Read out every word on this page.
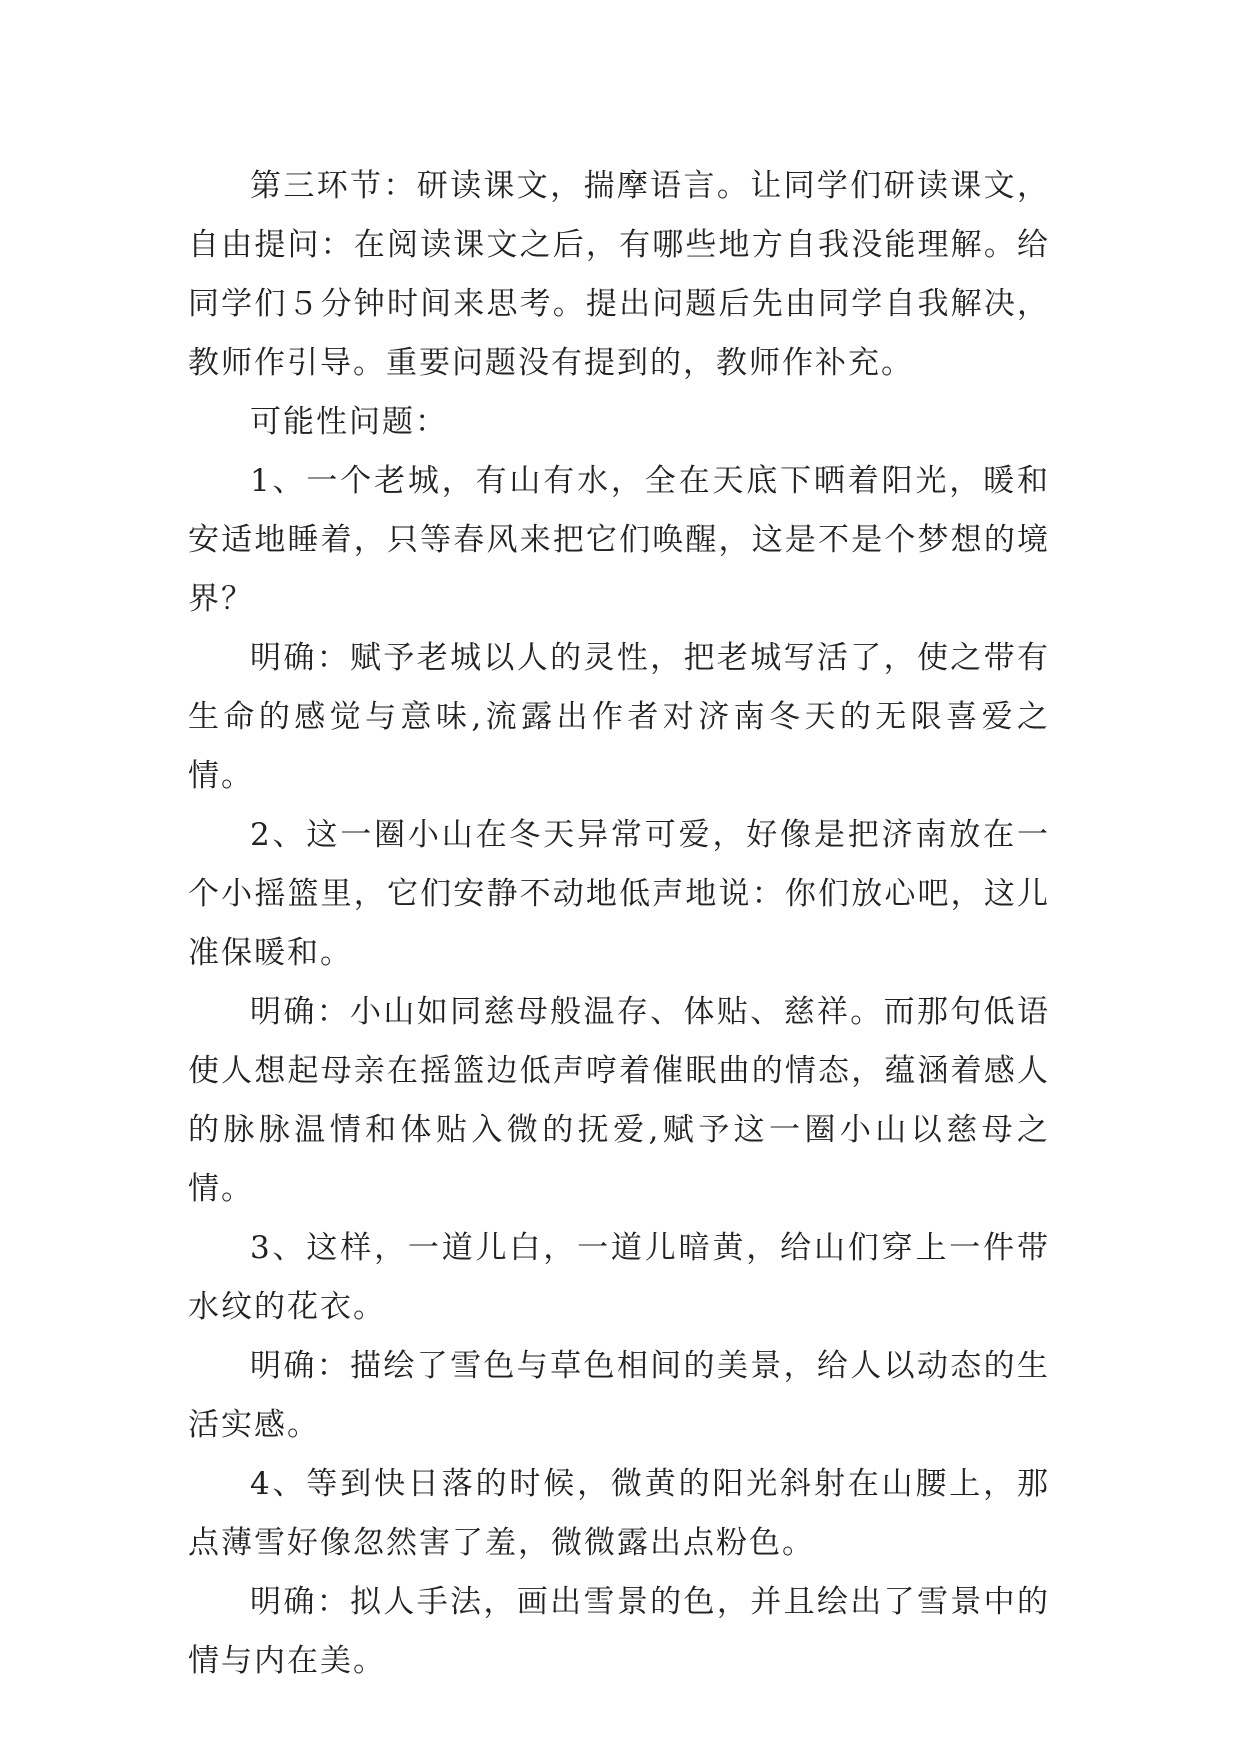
第三环节：研读课文，揣摩语言。让同学们研读课文，自由提问：在阅读课文之后，有哪些地方自我没能理解。给同学们５分钟时间来思考。提出问题后先由同学自我解决，教师作引导。重要问题没有提到的，教师作补充。

可能性问题：

1、一个老城，有山有水，全在天底下晒着阳光，暖和安适地睡着，只等春风来把它们唤醒，这是不是个梦想的境界？

明确：赋予老城以人的灵性，把老城写活了，使之带有生命的感觉与意味,流露出作者对济南冬天的无限喜爱之情。

2、这一圈小山在冬天异常可爱，好像是把济南放在一个小摇篮里，它们安静不动地低声地说：你们放心吧，这儿准保暖和。

明确：小山如同慈母般温存、体贴、慈祥。而那句低语使人想起母亲在摇篮边低声哼着催眠曲的情态，蕴涵着感人的脉脉温情和体贴入微的抚爱,赋予这一圈小山以慈母之情。

3、这样，一道儿白，一道儿暗黄，给山们穿上一件带水纹的花衣。

明确：描绘了雪色与草色相间的美景，给人以动态的生活实感。

4、等到快日落的时候，微黄的阳光斜射在山腰上，那点薄雪好像忽然害了羞，微微露出点粉色。

明确：拟人手法，画出雪景的色，并且绘出了雪景中的情与内在美。
